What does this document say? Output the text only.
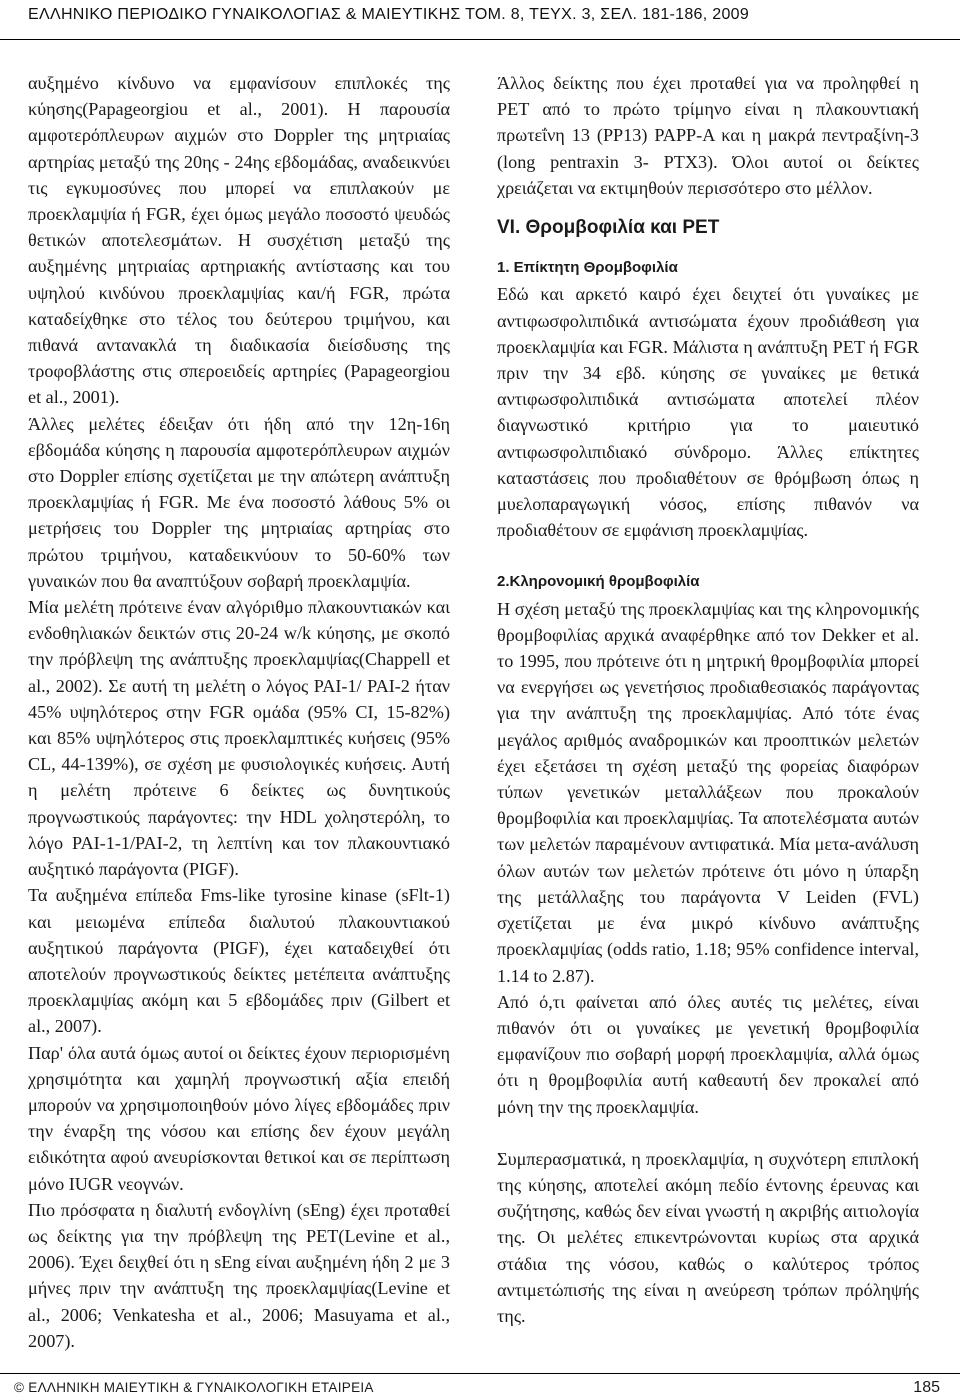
ΕΛΛΗΝΙΚΟ ΠΕΡΙΟΔΙΚΟ ΓΥΝΑΙΚΟΛΟΓΙΑΣ & ΜΑΙΕΥΤΙΚΗΣ ΤΟΜ. 8, ΤΕΥΧ. 3, ΣΕΛ. 181-186, 2009

αυξημένο κίνδυνο να εμφανίσουν επιπλοκές της κύησης(Papageorgiou et al., 2001). Η παρουσία αμφοτερόπλευρων αιχμών στο Doppler της μητριαίας αρτηρίας μεταξύ της 20ης - 24ης εβδομάδας, αναδεικνύει τις εγκυμοσύνες που μπορεί να επιπλακούν με προεκλαμψία ή FGR, έχει όμως μεγάλο ποσοστό ψευδώς θετικών αποτελεσμάτων. Η συσχέτιση μεταξύ της αυξημένης μητριαίας αρτηριακής αντίστασης και του υψηλού κινδύνου προεκλαμψίας και/ή FGR, πρώτα καταδείχθηκε στο τέλος του δεύτερου τριμήνου, και πιθανά αντανακλά τη διαδικασία διείσδυσης της τροφοβλάστης στις σπεροειδείς αρτηρίες (Papageorgiou et al., 2001).

Άλλες μελέτες έδειξαν ότι ήδη από την 12η-16η εβδομάδα κύησης η παρουσία αμφοτερόπλευρων αιχμών στο Doppler επίσης σχετίζεται με την απώτερη ανάπτυξη προεκλαμψίας ή FGR. Με ένα ποσοστό λάθους 5% οι μετρήσεις του Doppler της μητριαίας αρτηρίας στο πρώτου τριμήνου, καταδεικνύουν το 50-60% των γυναικών που θα αναπτύξουν σοβαρή προεκλαμψία.

Μία μελέτη πρότεινε έναν αλγόριθμο πλακουντιακών και ενδοθηλιακών δεικτών στις 20-24 w/k κύησης, με σκοπό την πρόβλεψη της ανάπτυξης προεκλαμψίας(Chappell et al., 2002). Σε αυτή τη μελέτη ο λόγος PAI-1/ PAI-2 ήταν 45% υψηλότερος στην FGR ομάδα (95% CI, 15-82%) και 85% υψηλότερος στις προεκλαμπτικές κυήσεις (95% CL, 44-139%), σε σχέση με φυσιολογικές κυήσεις. Αυτή η μελέτη πρότεινε 6 δείκτες ως δυνητικούς προγνωστικούς παράγοντες: την HDL χοληστερόλη, το λόγο PAI-1-1/PAI-2, τη λεπτίνη και τον πλακουντιακό αυξητικό παράγοντα (PIGF).

Τα αυξημένα επίπεδα Fms-like tyrosine kinase (sFlt-1) και μειωμένα επίπεδα διαλυτού πλακουντιακού αυξητικού παράγοντα (PIGF), έχει καταδειχθεί ότι αποτελούν προγνωστικούς δείκτες μετέπειτα ανάπτυξης προεκλαμψίας ακόμη και 5 εβδομάδες πριν (Gilbert et al., 2007).

Παρ' όλα αυτά όμως αυτοί οι δείκτες έχουν περιορισμένη χρησιμότητα και χαμηλή προγνωστική αξία επειδή μπορούν να χρησιμοποιηθούν μόνο λίγες εβδομάδες πριν την έναρξη της νόσου και επίσης δεν έχουν μεγάλη ειδικότητα αφού ανευρίσκονται θετικοί και σε περίπτωση μόνο IUGR νεογνών.

Πιο πρόσφατα η διαλυτή ενδογλίνη (sEng) έχει προταθεί ως δείκτης για την πρόβλεψη της PET(Levine et al., 2006). Έχει δειχθεί ότι η sEng είναι αυξημένη ήδη 2 με 3 μήνες πριν την ανάπτυξη της προεκλαμψίας(Levine et al., 2006; Venkatesha et al., 2006; Masuyama et al., 2007).

Άλλος δείκτης που έχει προταθεί για να προληφθεί η PET από το πρώτο τρίμηνο είναι η πλακουντιακή πρωτεΐνη 13 (PP13) PAPP-A και η μακρά πεντραξίνη-3 (long pentraxin 3- PTX3). Όλοι αυτοί οι δείκτες χρειάζεται να εκτιμηθούν περισσότερο στο μέλλον.

VI. Θρομβοφιλία και PET
1. Επίκτητη Θρομβοφιλία

Εδώ και αρκετό καιρό έχει δειχτεί ότι γυναίκες με αντιφωσφολιπιδικά αντισώματα έχουν προδιάθεση για προεκλαμψία και FGR. Μάλιστα η ανάπτυξη PET ή FGR πριν την 34 εβδ. κύησης σε γυναίκες με θετικά αντιφωσφολιπιδικά αντισώματα αποτελεί πλέον διαγνωστικό κριτήριο για το μαιευτικό αντιφωσφολιπιδιακό σύνδρομο. Άλλες επίκτητες καταστάσεις που προδιαθέτουν σε θρόμβωση όπως η μυελοπαραγωγική νόσος, επίσης πιθανόν να προδιαθέτουν σε εμφάνιση προεκλαμψίας.

2.Κληρονομική θρομβοφιλία

Η σχέση μεταξύ της προεκλαμψίας και της κληρονομικής θρομβοφιλίας αρχικά αναφέρθηκε από τον Dekker et al. το 1995, που πρότεινε ότι η μητρική θρομβοφιλία μπορεί να ενεργήσει ως γενετήσιος προδιαθεσιακός παράγοντας για την ανάπτυξη της προεκλαμψίας. Από τότε ένας μεγάλος αριθμός αναδρομικών και προοπτικών μελετών έχει εξετάσει τη σχέση μεταξύ της φορείας διαφόρων τύπων γενετικών μεταλλάξεων που προκαλούν θρομβοφιλία και προεκλαμψίας. Τα αποτελέσματα αυτών των μελετών παραμένουν αντιφατικά. Μία μετα-ανάλυση όλων αυτών των μελετών πρότεινε ότι μόνο η ύπαρξη της μετάλλαξης του παράγοντα V Leiden (FVL) σχετίζεται με ένα μικρό κίνδυνο ανάπτυξης προεκλαμψίας (odds ratio, 1.18; 95% confidence interval, 1.14 to 2.87).

Από ό,τι φαίνεται από όλες αυτές τις μελέτες, είναι πιθανόν ότι οι γυναίκες με γενετική θρομβοφιλία εμφανίζουν πιο σοβαρή μορφή προεκλαμψία, αλλά όμως ότι η θρομβοφιλία αυτή καθεαυτή δεν προκαλεί από μόνη την της προεκλαμψία.

Συμπερασματικά, η προεκλαμψία, η συχνότερη επιπλοκή της κύησης, αποτελεί ακόμη πεδίο έντονης έρευνας και συζήτησης, καθώς δεν είναι γνωστή η ακριβής αιτιολογία της. Οι μελέτες επικεντρώνονται κυρίως στα αρχικά στάδια της νόσου, καθώς ο καλύτερος τρόπος αντιμετώπισής της είναι η ανεύρεση τρόπων πρόληψής της.

© ΕΛΛΗΝΙΚΗ ΜΑΙΕΥΤΙΚΗ & ΓΥΝΑΙΚΟΛΟΓΙΚΗ ΕΤΑΙΡΕΙΑ	185
